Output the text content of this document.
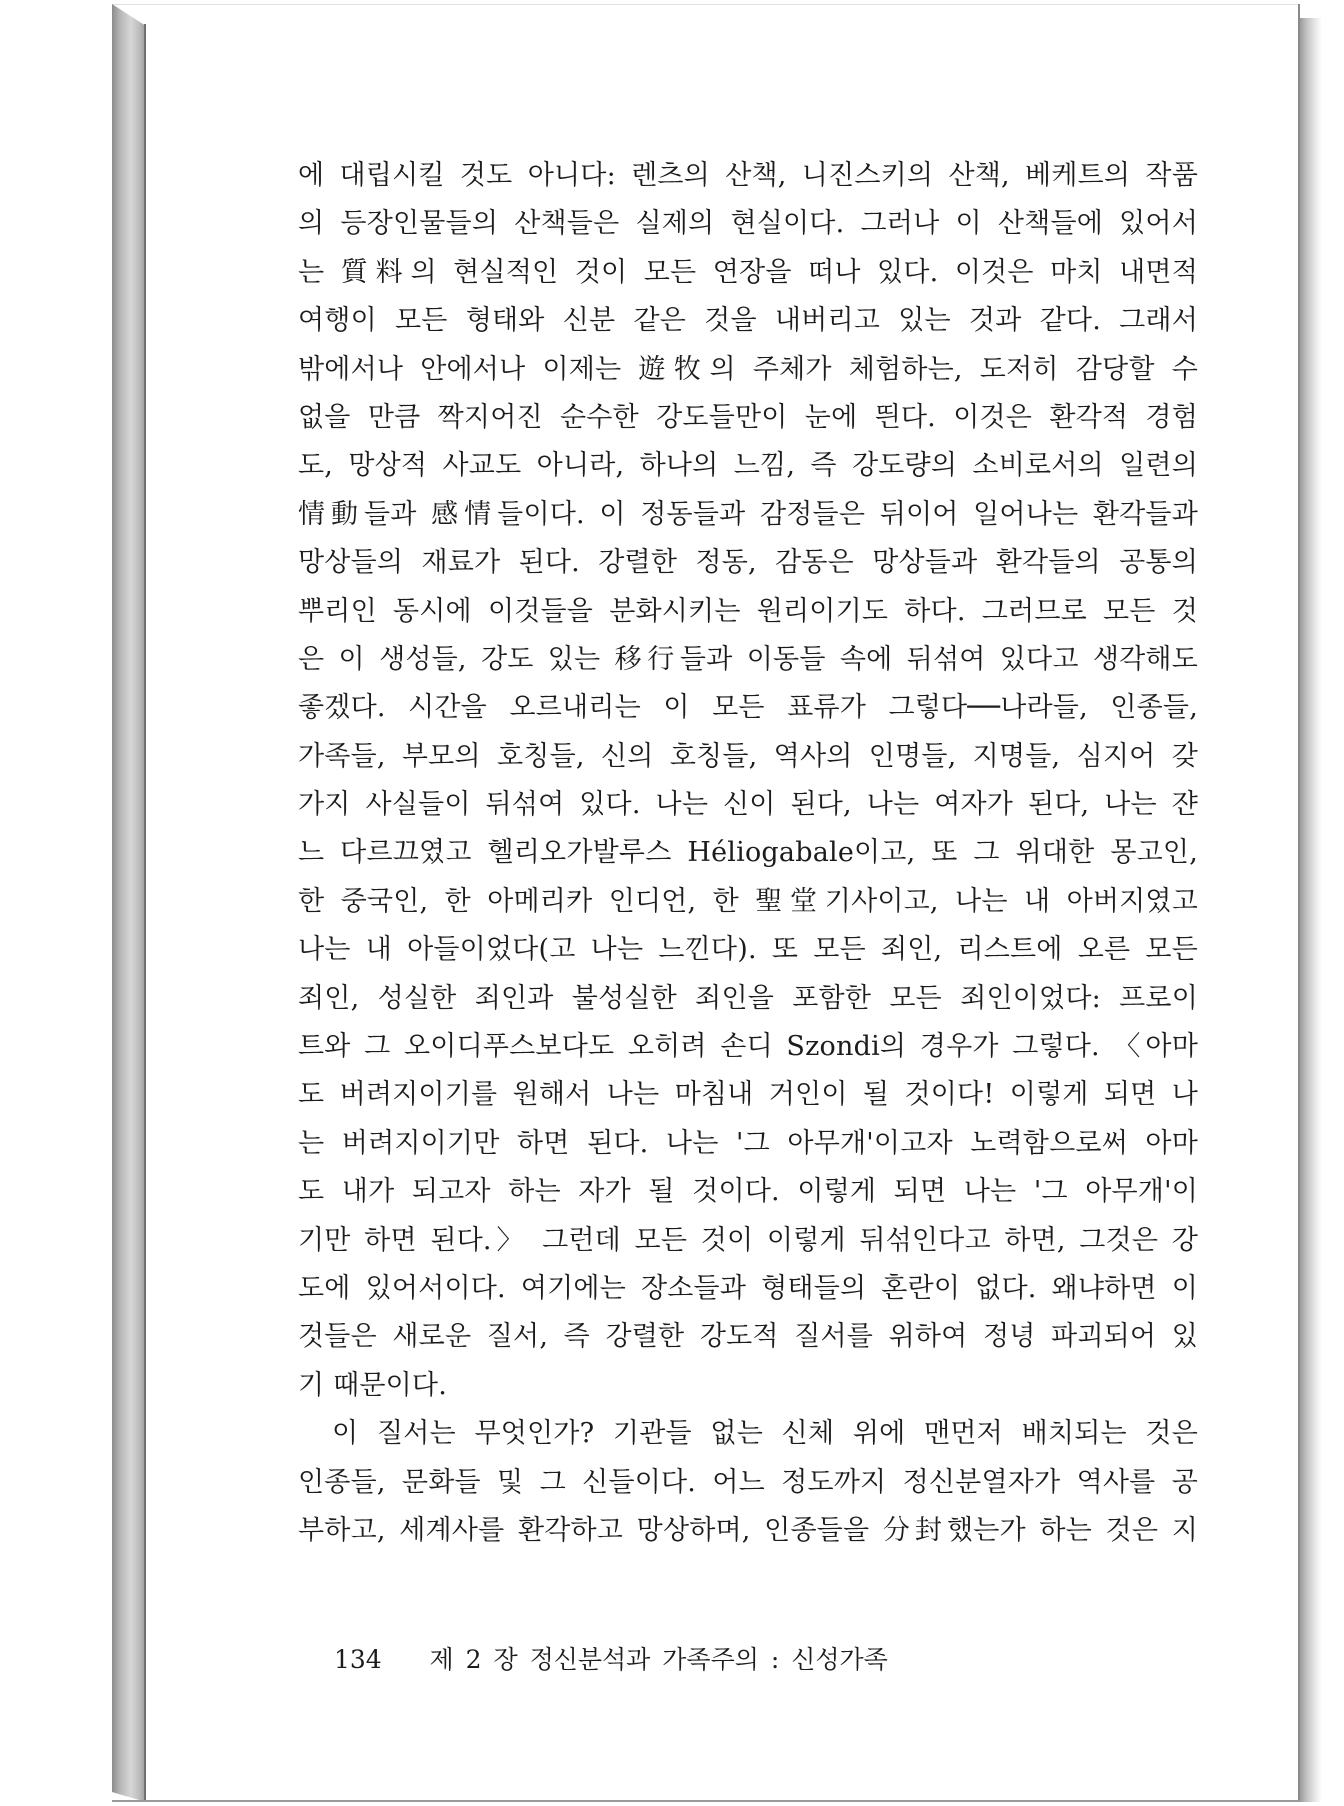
에 대립시킬 것도 아니다: 렌츠의 산책, 니진스키의 산책, 베케트의 작품
의 등장인물들의 산책들은 실제의 현실이다. 그러나 이 산책들에 있어서
는 質料의 현실적인 것이 모든 연장을 떠나 있다. 이것은 마치 내면적
여행이 모든 형태와 신분 같은 것을 내버리고 있는 것과 같다. 그래서
밖에서나 안에서나 이제는 遊牧의 주체가 체험하는, 도저히 감당할 수
없을 만큼 짝지어진 순수한 강도들만이 눈에 띈다. 이것은 환각적 경험
도, 망상적 사교도 아니라, 하나의 느낌, 즉 강도량의 소비로서의 일련의
情動들과 感情들이다. 이 정동들과 감정들은 뒤이어 일어나는 환각들과
망상들의 재료가 된다. 강렬한 정동, 감동은 망상들과 환각들의 공통의
뿌리인 동시에 이것들을 분화시키는 원리이기도 하다. 그러므로 모든 것
은 이 생성들, 강도 있는 移行들과 이동들 속에 뒤섞여 있다고 생각해도
좋겠다. 시간을 오르내리는 이 모든 표류가 그렇다──나라들, 인종들,
가족들, 부모의 호칭들, 신의 호칭들, 역사의 인명들, 지명들, 심지어 갖
가지 사실들이 뒤섞여 있다. 나는 신이 된다, 나는 여자가 된다, 나는 쟌
느 다르끄였고 헬리오가발루스 Héliogabale이고, 또 그 위대한 몽고인,
한 중국인, 한 아메리카 인디언, 한 聖堂기사이고, 나는 내 아버지였고
나는 내 아들이었다(고 나는 느낀다). 또 모든 죄인, 리스트에 오른 모든
죄인, 성실한 죄인과 불성실한 죄인을 포함한 모든 죄인이었다: 프로이
트와 그 오이디푸스보다도 오히려 손디 Szondi의 경우가 그렇다. 〈아마
도 버려지이기를 원해서 나는 마침내 거인이 될 것이다! 이렇게 되면 나
는 버려지이기만 하면 된다. 나는 '그 아무개'이고자 노력함으로써 아마
도 내가 되고자 하는 자가 될 것이다. 이렇게 되면 나는 '그 아무개'이
기만 하면 된다.〉 그런데 모든 것이 이렇게 뒤섞인다고 하면, 그것은 강
도에 있어서이다. 여기에는 장소들과 형태들의 혼란이 없다. 왜냐하면 이
것들은 새로운 질서, 즉 강렬한 강도적 질서를 위하여 정녕 파괴되어 있
기 때문이다.
이 질서는 무엇인가? 기관들 없는 신체 위에 맨먼저 배치되는 것은
인종들, 문화들 및 그 신들이다. 어느 정도까지 정신분열자가 역사를 공
부하고, 세계사를 환각하고 망상하며, 인종들을 分封했는가 하는 것은 지
134 제 2 장 정신분석과 가족주의 : 신성가족
